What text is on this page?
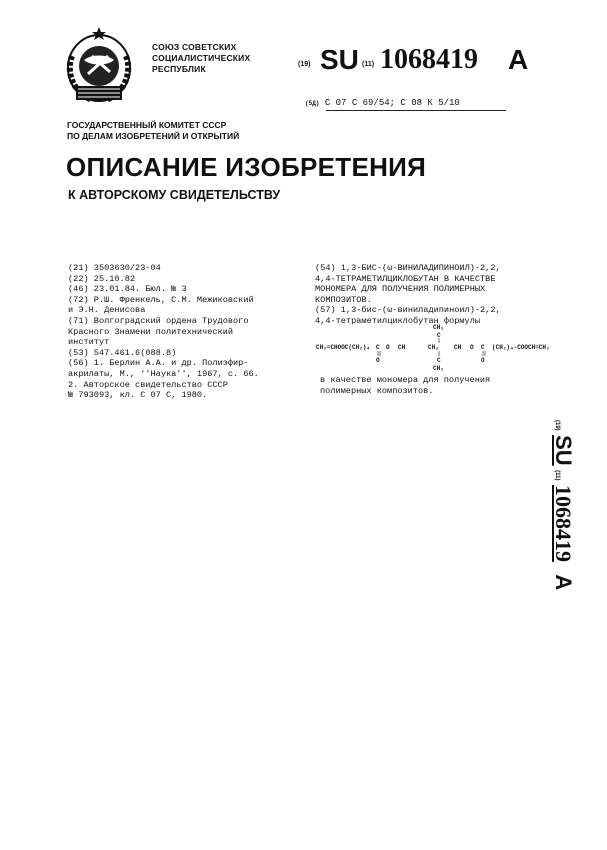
СОЮЗ СОВЕТСКИХ
СОЦИАЛИСТИЧЕСКИХ
РЕСПУБЛИК	(19) SU (11) 1068419 A
(5Д) С 07 С 69/54; С 08 К 5/10
ГОСУДАРСТВЕННЫЙ КОМИТЕТ СССР
ПО ДЕЛАМ ИЗОБРЕТЕНИЙ И ОТКРЫТИЙ
ОПИСАНИЕ ИЗОБРЕТЕНИЯ
К АВТОРСКОМУ СВИДЕТЕЛЬСТВУ
(21) 3503630/23-04
(22) 25.10.82
(46) 23.01.84. Бюл. № 3
(72) Р.Ш. Френкель, С.М. Межиковский
и Э.Н. Денисова
(71) Волгоградский ордена Трудового
Красного Знамени политехнический
институт
(53) 547.461.6(088.8)
(56) 1. Берлин А.А. и др. Полиэфир-
акрилаты, М., ''Наука'', 1967, с. 66.
2. Авторское свидетельство СССР
№ 793093, кл. С 07 С, 1980.
(54) 1,3-БИС-(ω-ВИНИЛАДИПИНОИЛ)-2,2,
4,4-ТЕТРАМЕТИЛЦИКЛОБУТАН В КАЧЕСТВЕ
МОНОМЕРА ДЛЯ ПОЛУЧЕНИЯ ПОЛИМЕРНЫХ
КОМПОЗИТОВ.
(57) 1,3-бис-(ω-виниладипиноил)-2,2,
4,4-тетраметилциклобутан формулы
CH₃
C
CH₂=CHOOC(CH₂)₄ C O CH	CH₂	CH O C (CH₂)₄-COOCH=CH₂
O	O
C
CH₃
в качестве мономера для получения
полимерных композитов.
(19) SU (11) 1068419 A
